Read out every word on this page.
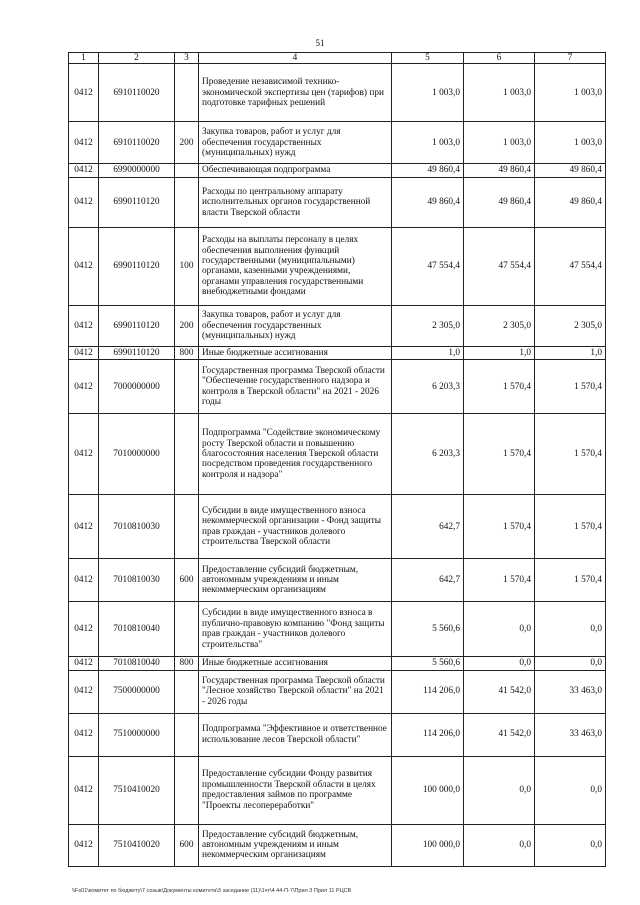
51
1	2	3	4	5	6	7
0412	6910110020		Проведение независимой технико-экономической экспертизы цен (тарифов) при подготовке тарифных решений	1 003,0	1 003,0	1 003,0
0412	6910110020	200	Закупка товаров, работ и услуг для обеспечения государственных (муниципальных) нужд	1 003,0	1 003,0	1 003,0
0412	6990000000		Обеспечивающая подпрограмма	49 860,4	49 860,4	49 860,4
0412	6990110120		Расходы по центральному аппарату исполнительных органов государственной власти Тверской области	49 860,4	49 860,4	49 860,4
0412	6990110120	100	Расходы на выплаты персоналу в целях обеспечения выполнения функций государственными (муниципальными) органами, казенными учреждениями, органами управления государственными внебюджетными фондами	47 554,4	47 554,4	47 554,4
0412	6990110120	200	Закупка товаров, работ и услуг для обеспечения государственных (муниципальных) нужд	2 305,0	2 305,0	2 305,0
0412	6990110120	800	Иные бюджетные ассигнования	1,0	1,0	1,0
0412	7000000000		Государственная программа Тверской области "Обеспечение государственного надзора и контроля в Тверской области" на 2021 - 2026 годы	6 203,3	1 570,4	1 570,4
0412	7010000000		Подпрограмма "Содействие экономическому росту Тверской области и повышению благосостояния населения Тверской области посредством проведения государственного контроля и надзора"	6 203,3	1 570,4	1 570,4
0412	7010810030		Субсидии в виде имущественного взноса некоммерческой организации - Фонд защиты прав граждан - участников долевого строительства Тверской области	642,7	1 570,4	1 570,4
0412	7010810030	600	Предоставление субсидий бюджетным, автономным учреждениям и иным некоммерческим организациям	642,7	1 570,4	1 570,4
0412	7010810040		Субсидии в виде имущественного взноса в публично-правовую компанию "Фонд защиты прав граждан - участников долевого строительства"	5 560,6	0,0	0,0
0412	7010810040	800	Иные бюджетные ассигнования	5 560,6	0,0	0,0
0412	7500000000		Государственная программа Тверской области "Лесное хозяйство Тверской области" на 2021 - 2026 годы	114 206,0	41 542,0	33 463,0
0412	7510000000		Подпрограмма "Эффективное и ответственное использование лесов Тверской области"	114 206,0	41 542,0	33 463,0
0412	7510410020		Предоставление субсидии Фонду развития промышленности Тверской области в целях предоставления займов по программе "Проекты лесопереработки"	100 000,0	0,0	0,0
0412	7510410020	600	Предоставление субсидий бюджетным, автономным учреждениям и иным некоммерческим организациям	100 000,0	0,0	0,0
\\Fs01\комитет по бюджету\7 созыв\Документы комитета\3 заседание (11)\1чт\4 44-П-7\Прил 3 Прил 11 РЦСВ
